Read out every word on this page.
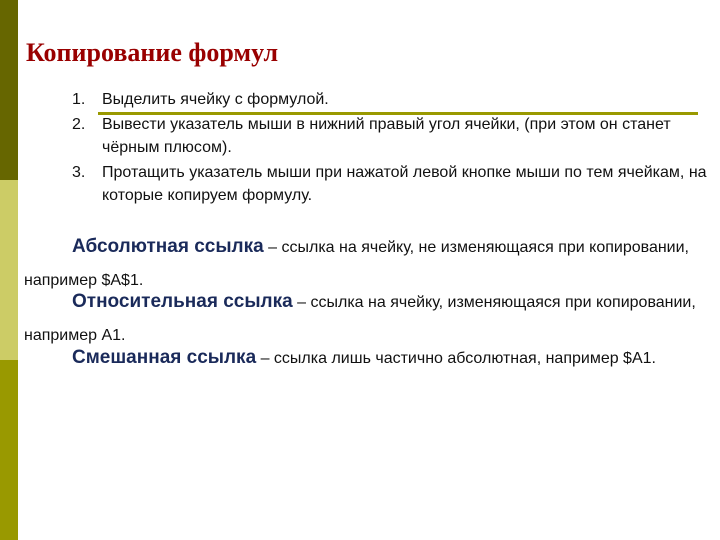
Копирование формул
1. Выделить ячейку с формулой.
2. Вывести указатель мыши в нижний правый угол ячейки, (при этом он станет чёрным плюсом).
3. Протащить указатель мыши при нажатой левой кнопке мыши по тем ячейкам, на которые копируем формулу.

Абсолютная ссылка – ссылка на ячейку, не изменяющаяся при копировании, например $A$1.

Относительная ссылка – ссылка на ячейку, изменяющаяся при копировании, например A1.

Смешанная ссылка – ссылка лишь частично абсолютная, например $A1.
